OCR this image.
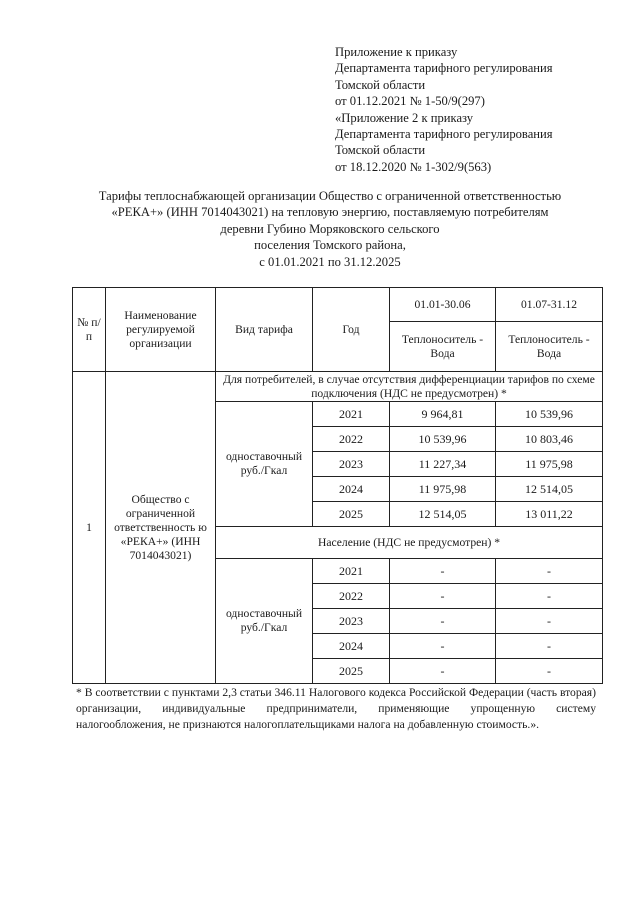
Приложение к приказу
Департамента тарифного регулирования
Томской области
от 01.12.2021 № 1-50/9(297)
«Приложение 2 к приказу
Департамента тарифного регулирования
Томской области
от 18.12.2020 № 1-302/9(563)
Тарифы теплоснабжающей организации Общество с ограниченной ответственностью
«РЕКА+» (ИНН 7014043021) на тепловую энергию, поставляемую потребителям
деревни Губино Моряковского сельского
поселения Томского района,
с 01.01.2021 по 31.12.2025
№ п/п	Наименование регулируемой организации	Вид тарифа	Год	01.01-30.06	01.07-31.12
				Теплоноситель - Вода	Теплоноситель - Вода
1	Общество с ограниченной ответственность ю «РЕКА+» (ИНН 7014043021)	Для потребителей, в случае отсутствия дифференциации тарифов по схеме подключения (НДС не предусмотрен) *			
		одноставочный руб./Гкал	2021	9 964,81	10 539,96
			2022	10 539,96	10 803,46
			2023	11 227,34	11 975,98
			2024	11 975,98	12 514,05
			2025	12 514,05	13 011,22
		Население (НДС не предусмотрен) *			
		одноставочный руб./Гкал	2021	-	-
			2022	-	-
			2023	-	-
			2024	-	-
			2025	-	-
* В соответствии с пунктами 2,3 статьи 346.11 Налогового кодекса Российской Федерации (часть вторая) организации, индивидуальные предприниматели, применяющие упрощенную систему налогообложения, не признаются налогоплательщиками налога на добавленную стоимость.».
